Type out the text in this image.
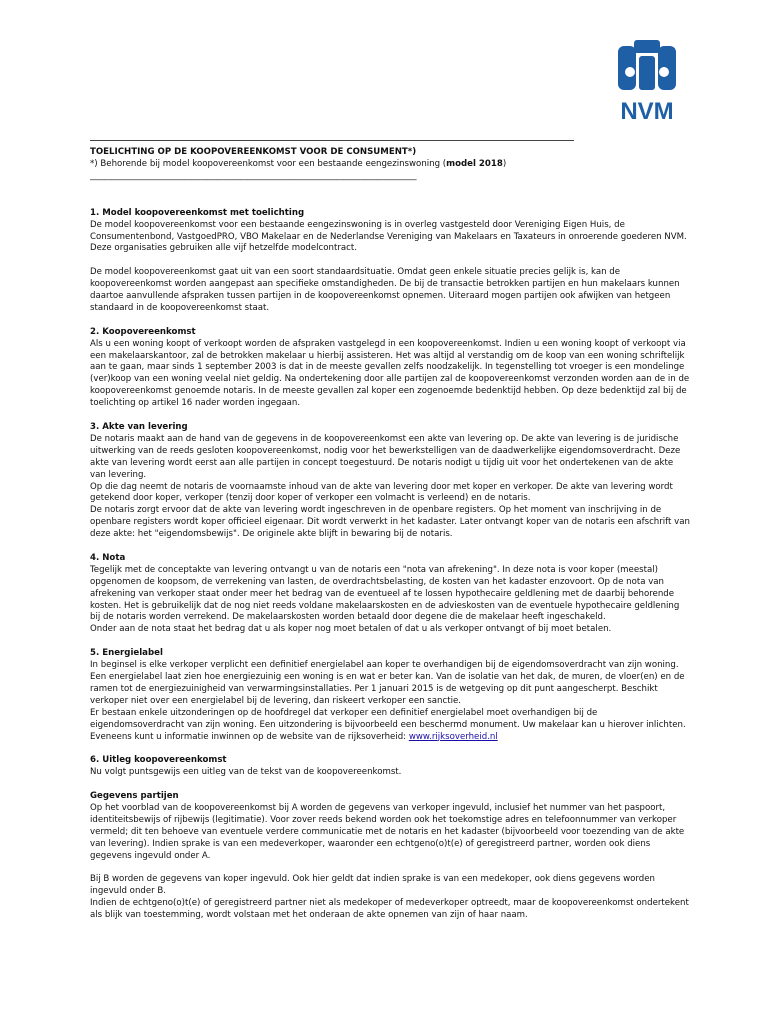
NVM
TOELICHTING OP DE KOOPOVEREENKOMST VOOR DE CONSUMENT*)
*) Behorende bij model koopovereenkomst voor een bestaande eengezinswoning (model 2018)
____________________________________________________________________________
1. Model koopovereenkomst met toelichting

De model koopovereenkomst voor een bestaande eengezinswoning is in overleg vastgesteld door Vereniging Eigen Huis, de Consumentenbond, VastgoedPRO, VBO Makelaar en de Nederlandse Vereniging van Makelaars en Taxateurs in onroerende goederen NVM. Deze organisaties gebruiken alle vijf hetzelfde modelcontract.

De model koopovereenkomst gaat uit van een soort standaardsituatie. Omdat geen enkele situatie precies gelijk is, kan de koopovereenkomst worden aangepast aan specifieke omstandigheden. De bij de transactie betrokken partijen en hun makelaars kunnen daartoe aanvullende afspraken tussen partijen in de koopovereenkomst opnemen. Uiteraard mogen partijen ook afwijken van hetgeen standaard in de koopovereenkomst staat.

2. Koopovereenkomst

Als u een woning koopt of verkoopt worden de afspraken vastgelegd in een koopovereenkomst. Indien u een woning koopt of verkoopt via een makelaarskantoor, zal de betrokken makelaar u hierbij assisteren. Het was altijd al verstandig om de koop van een woning schriftelijk aan te gaan, maar sinds 1 september 2003 is dat in de meeste gevallen zelfs noodzakelijk. In tegenstelling tot vroeger is een mondelinge (ver)koop van een woning veelal niet geldig. Na ondertekening door alle partijen zal de koopovereenkomst verzonden worden aan de in de koopovereenkomst genoemde notaris. In de meeste gevallen zal koper een zogenoemde bedenktijd hebben. Op deze bedenktijd zal bij de toelichting op artikel 16 nader worden ingegaan.

3. Akte van levering

De notaris maakt aan de hand van de gegevens in de koopovereenkomst een akte van levering op. De akte van levering is de juridische uitwerking van de reeds gesloten koopovereenkomst, nodig voor het bewerkstelligen van de daadwerkelijke eigendomsoverdracht. Deze akte van levering wordt eerst aan alle partijen in concept toegestuurd. De notaris nodigt u tijdig uit voor het ondertekenen van de akte van levering.

Op die dag neemt de notaris de voornaamste inhoud van de akte van levering door met koper en verkoper. De akte van levering wordt getekend door koper, verkoper (tenzij door koper of verkoper een volmacht is verleend) en de notaris.

De notaris zorgt ervoor dat de akte van levering wordt ingeschreven in de openbare registers. Op het moment van inschrijving in de openbare registers wordt koper officieel eigenaar. Dit wordt verwerkt in het kadaster. Later ontvangt koper van de notaris een afschrift van deze akte: het "eigendomsbewijs". De originele akte blijft in bewaring bij de notaris.

4. Nota

Tegelijk met de conceptakte van levering ontvangt u van de notaris een "nota van afrekening". In deze nota is voor koper (meestal) opgenomen de koopsom, de verrekening van lasten, de overdrachtsbelasting, de kosten van het kadaster enzovoort. Op de nota van afrekening van verkoper staat onder meer het bedrag van de eventueel af te lossen hypothecaire geldlening met de daarbij behorende kosten. Het is gebruikelijk dat de nog niet reeds voldane makelaarskosten en de advieskosten van de eventuele hypothecaire geldlening bij de notaris worden verrekend. De makelaarskosten worden betaald door degene die de makelaar heeft ingeschakeld.

Onder aan de nota staat het bedrag dat u als koper nog moet betalen of dat u als verkoper ontvangt of bij moet betalen.

5. Energielabel

In beginsel is elke verkoper verplicht een definitief energielabel aan koper te overhandigen bij de eigendomsoverdracht van zijn woning. Een energielabel laat zien hoe energiezuinig een woning is en wat er beter kan. Van de isolatie van het dak, de muren, de vloer(en) en de ramen tot de energiezuinigheid van verwarmingsinstallaties. Per 1 januari 2015 is de wetgeving op dit punt aangescherpt. Beschikt verkoper niet over een energielabel bij de levering, dan riskeert verkoper een sanctie.

Er bestaan enkele uitzonderingen op de hoofdregel dat verkoper een definitief energielabel moet overhandigen bij de eigendomsoverdracht van zijn woning. Een uitzondering is bijvoorbeeld een beschermd monument. Uw makelaar kan u hierover inlichten. Eveneens kunt u informatie inwinnen op de website van de rijksoverheid: www.rijksoverheid.nl

6. Uitleg koopovereenkomst

Nu volgt puntsgewijs een uitleg van de tekst van de koopovereenkomst.

Gegevens partijen

Op het voorblad van de koopovereenkomst bij A worden de gegevens van verkoper ingevuld, inclusief het nummer van het paspoort, identiteitsbewijs of rijbewijs (legitimatie). Voor zover reeds bekend worden ook het toekomstige adres en telefoonnummer van verkoper vermeld; dit ten behoeve van eventuele verdere communicatie met de notaris en het kadaster (bijvoorbeeld voor toezending van de akte van levering). Indien sprake is van een medeverkoper, waaronder een echtgeno(o)t(e) of geregistreerd partner, worden ook diens gegevens ingevuld onder A.

Bij B worden de gegevens van koper ingevuld. Ook hier geldt dat indien sprake is van een medekoper, ook diens gegevens worden ingevuld onder B.

Indien de echtgeno(o)t(e) of geregistreerd partner niet als medekoper of medeverkoper optreedt, maar de koopovereenkomst ondertekent als blijk van toestemming, wordt volstaan met het onderaan de akte opnemen van zijn of haar naam.
